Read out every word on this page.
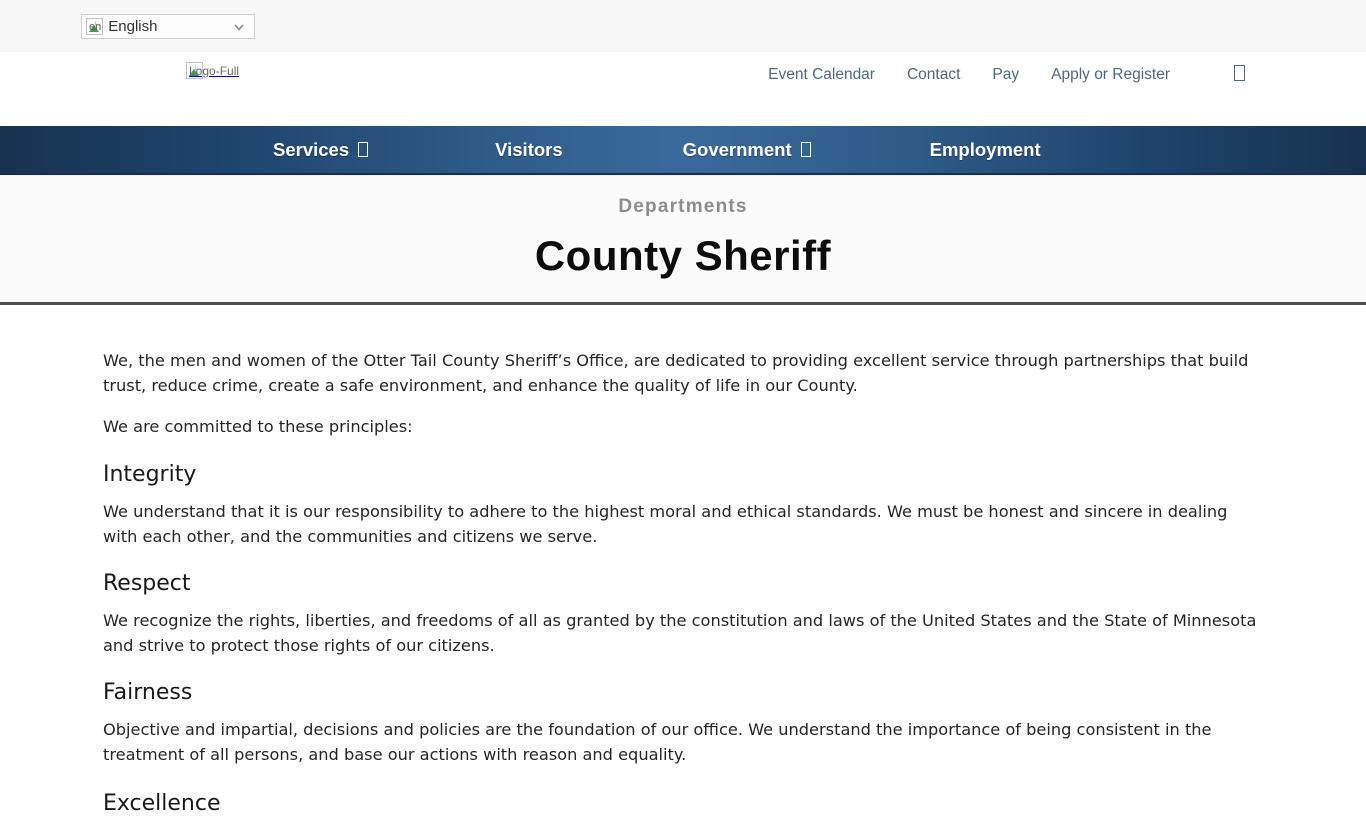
en English
Logo-Full	Event Calendar	Contact	Pay	Apply or Register
Services	Visitors	Government	Employment
Departments
County Sheriff

We, the men and women of the Otter Tail County Sheriff’s Office, are dedicated to providing excellent service through partnerships that build trust, reduce crime, create a safe environment, and enhance the quality of life in our County.

We are committed to these principles:

Integrity

We understand that it is our responsibility to adhere to the highest moral and ethical standards. We must be honest and sincere in dealing with each other, and the communities and citizens we serve.

Respect

We recognize the rights, liberties, and freedoms of all as granted by the constitution and laws of the United States and the State of Minnesota and strive to protect those rights of our citizens.

Fairness

Objective and impartial, decisions and policies are the foundation of our office. We understand the importance of being consistent in the treatment of all persons, and base our actions with reason and equality.

Excellence
